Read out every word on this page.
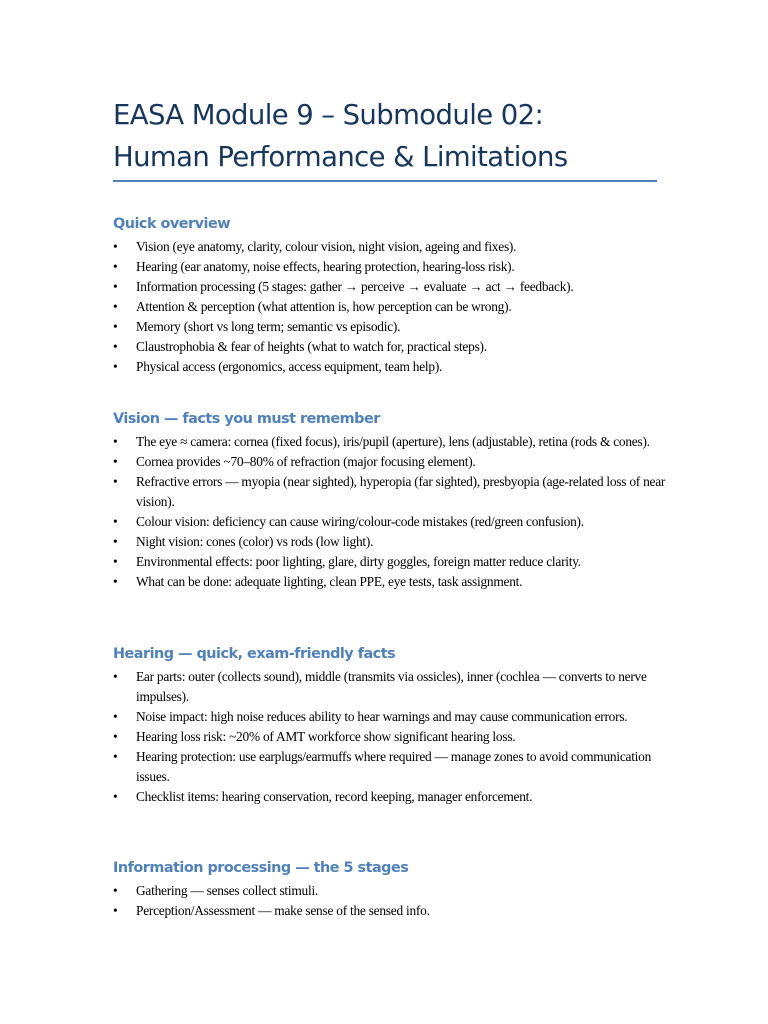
EASA Module 9 – Submodule 02:
Human Performance & Limitations
Quick overview
• Vision (eye anatomy, clarity, colour vision, night vision, ageing and fixes).
• Hearing (ear anatomy, noise effects, hearing protection, hearing-loss risk).
• Information processing (5 stages: gather → perceive → evaluate → act → feedback).
• Attention & perception (what attention is, how perception can be wrong).
• Memory (short vs long term; semantic vs episodic).
• Claustrophobia & fear of heights (what to watch for, practical steps).
• Physical access (ergonomics, access equipment, team help).
Vision — facts you must remember
• The eye ≈ camera: cornea (fixed focus), iris/pupil (aperture), lens (adjustable), retina (rods & cones).
• Cornea provides ~70–80% of refraction (major focusing element).
• Refractive errors — myopia (near sighted), hyperopia (far sighted), presbyopia (age-related loss of near vision).
• Colour vision: deficiency can cause wiring/colour-code mistakes (red/green confusion).
• Night vision: cones (color) vs rods (low light).
• Environmental effects: poor lighting, glare, dirty goggles, foreign matter reduce clarity.
• What can be done: adequate lighting, clean PPE, eye tests, task assignment.
Hearing — quick, exam-friendly facts
• Ear parts: outer (collects sound), middle (transmits via ossicles), inner (cochlea — converts to nerve impulses).
• Noise impact: high noise reduces ability to hear warnings and may cause communication errors.
• Hearing loss risk: ~20% of AMT workforce show significant hearing loss.
• Hearing protection: use earplugs/earmuffs where required — manage zones to avoid communication issues.
• Checklist items: hearing conservation, record keeping, manager enforcement.
Information processing — the 5 stages
• Gathering — senses collect stimuli.
• Perception/Assessment — make sense of the sensed info.
